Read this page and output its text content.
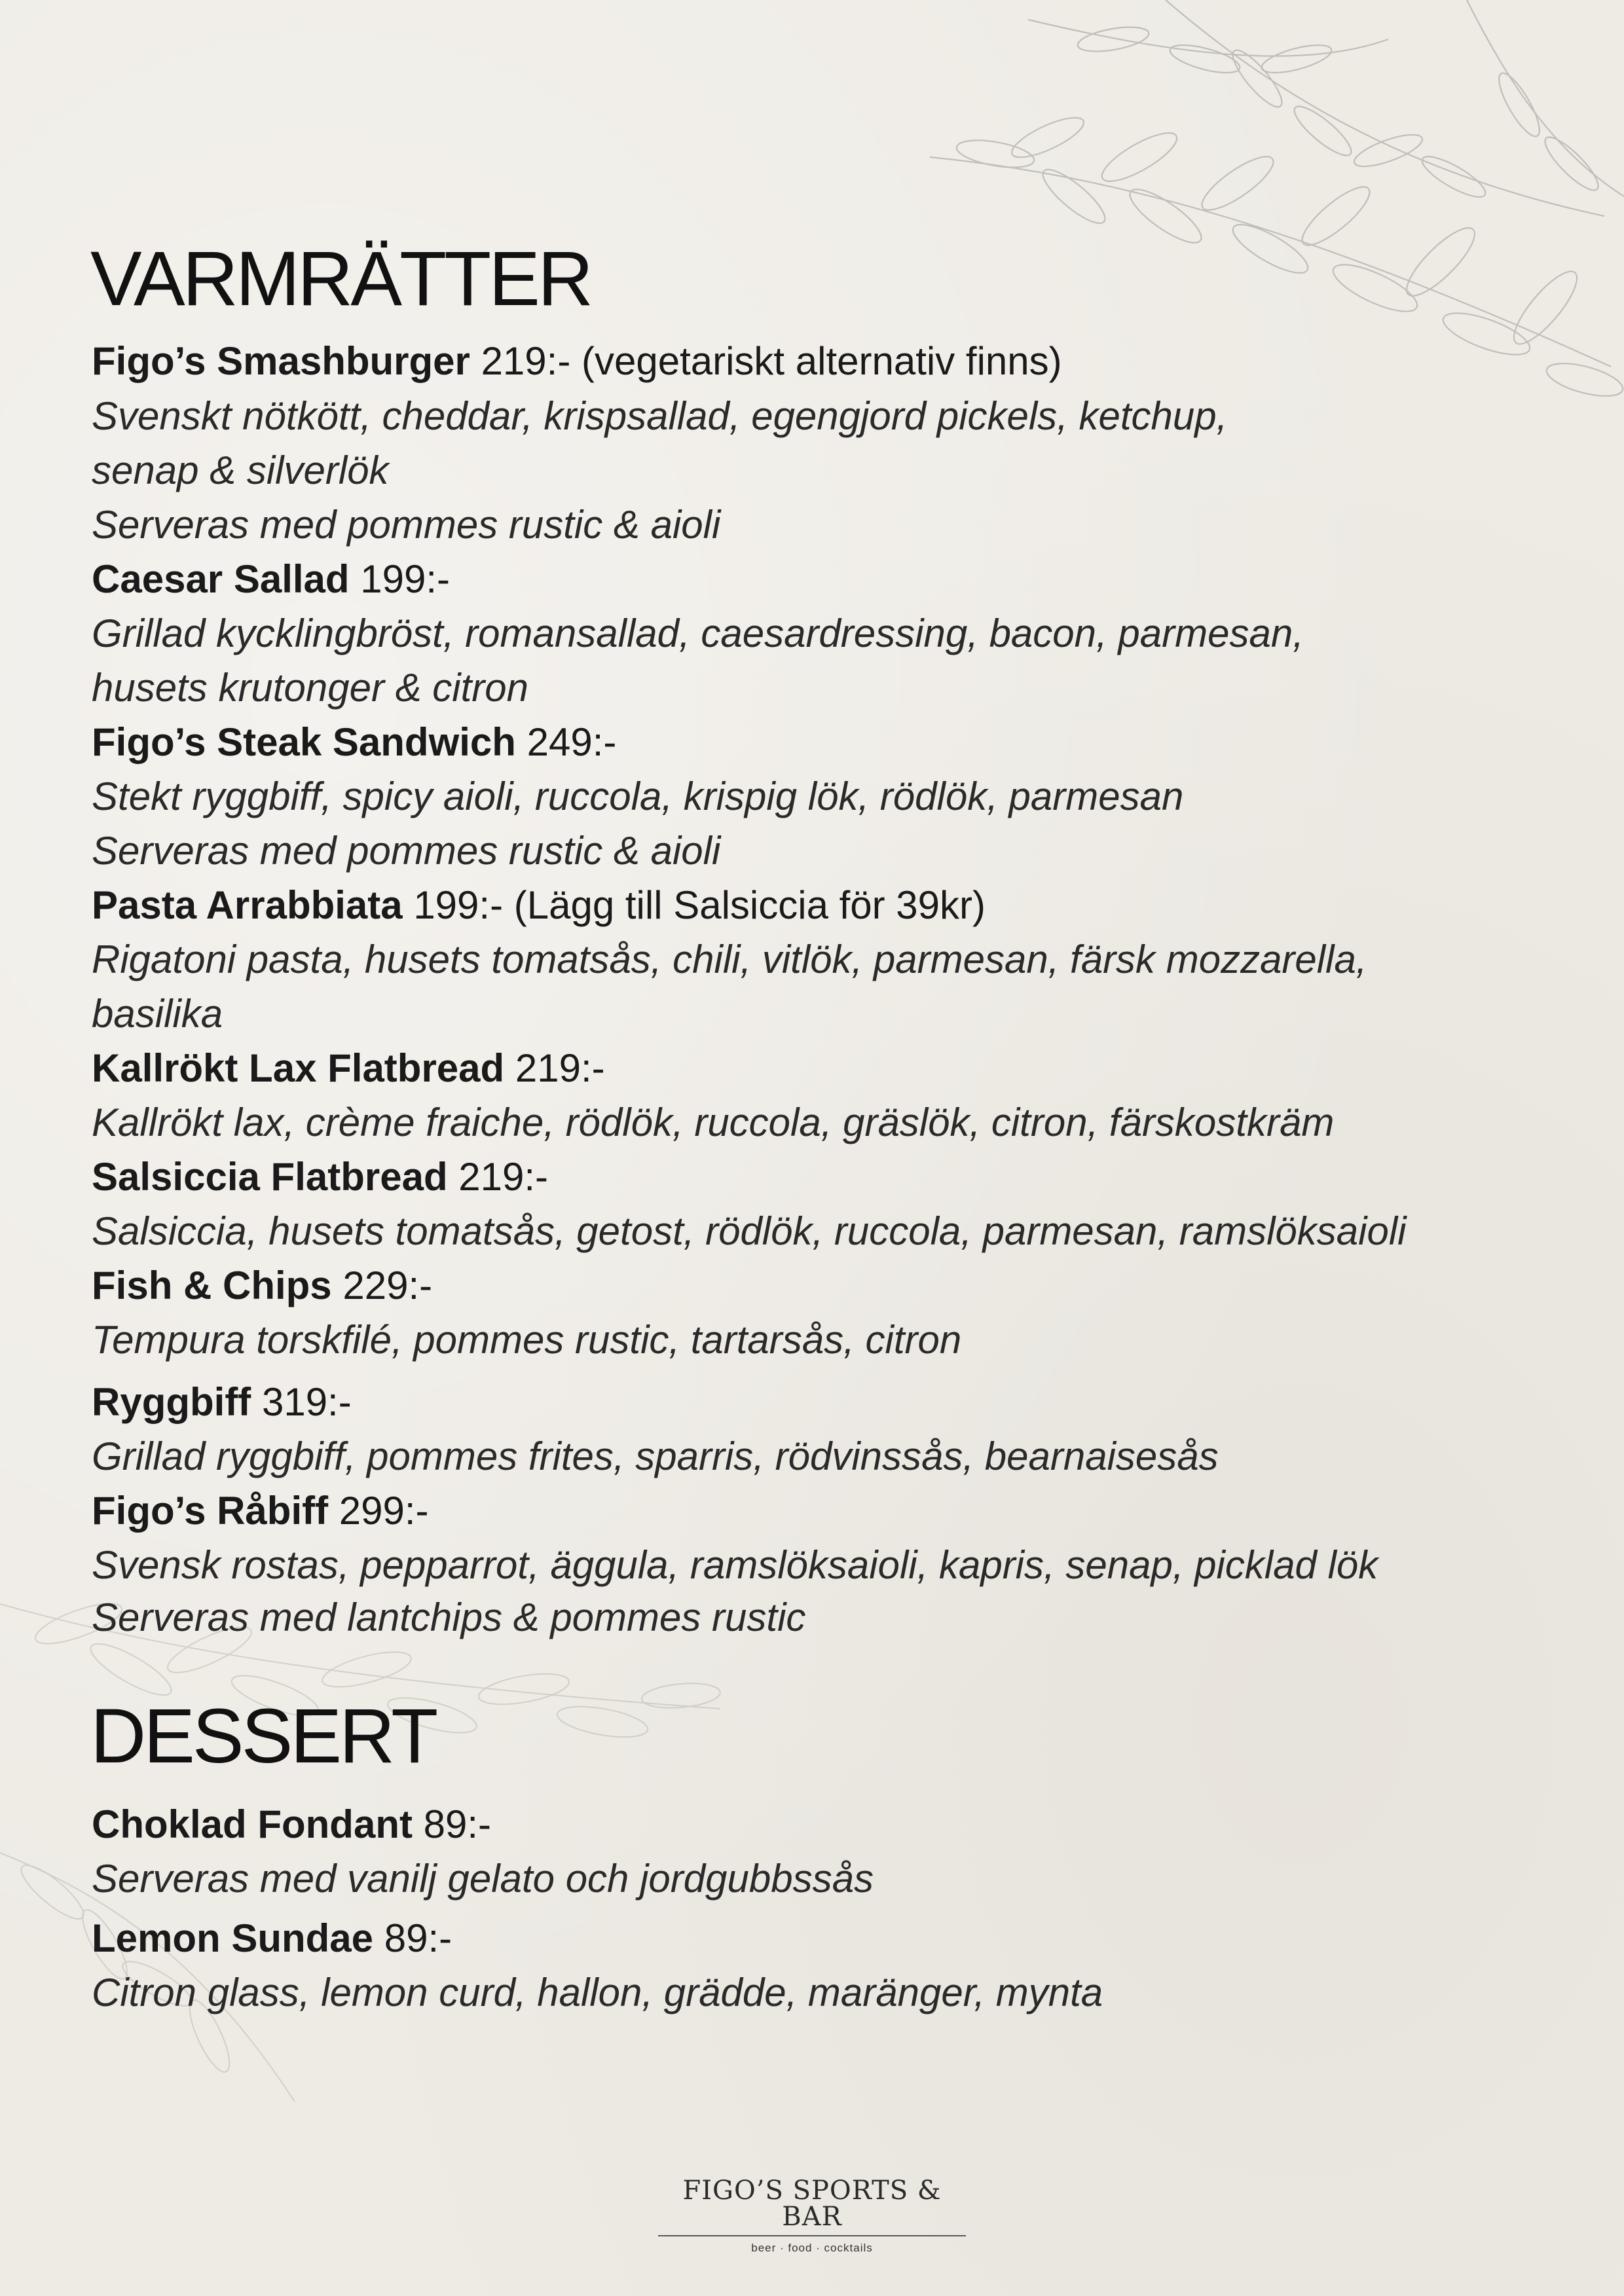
VARMRÄTTER
Figo’s Smashburger 219:- (vegetariskt alternativ finns)
Svenskt nötkött, cheddar, krispsallad, egengjord pickels, ketchup,
senap & silverlök
Serveras med pommes rustic & aioli
Caesar Sallad 199:-
Grillad kycklingbröst, romansallad, caesardressing, bacon, parmesan,
husets krutonger & citron
Figo’s Steak Sandwich 249:-
Stekt ryggbiff, spicy aioli, ruccola, krispig lök, rödlök, parmesan
Serveras med pommes rustic & aioli
Pasta Arrabbiata 199:- (Lägg till Salsiccia för 39kr)
Rigatoni pasta, husets tomatsås, chili, vitlök, parmesan, färsk mozzarella,
basilika
Kallrökt Lax Flatbread 219:-
Kallrökt lax, crème fraiche, rödlök, ruccola, gräslök, citron, färskostkräm
Salsiccia Flatbread 219:-
Salsiccia, husets tomatsås, getost, rödlök, ruccola, parmesan, ramslöksaioli
Fish & Chips 229:-
Tempura torskfilé, pommes rustic, tartarsås, citron
Ryggbiff 319:-
Grillad ryggbiff, pommes frites, sparris, rödvinssås, bearnaisesås
Figo’s Råbiff 299:-
Svensk rostas, pepparrot, äggula, ramslöksaioli, kapris, senap, picklad lök
Serveras med lantchips & pommes rustic
DESSERT
Choklad Fondant 89:-
Serveras med vanilj gelato och jordgubbssås
Lemon Sundae 89:-
Citron glass, lemon curd, hallon, grädde, maränger, mynta
FIGO’S SPORTS & BAR
beer · food · cocktails
